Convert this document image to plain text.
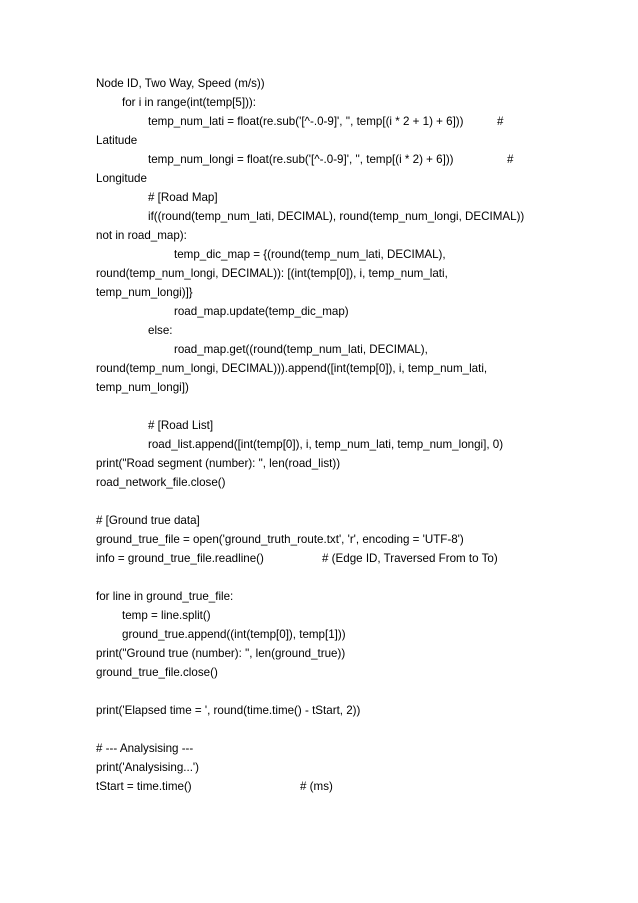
Node ID, Two Way, Speed (m/s))
for i in range(int(temp[5])):
temp_num_lati = float(re.sub('[^-.0-9]', '', temp[(i * 2 + 1) + 6]))	#
Latitude
temp_num_longi = float(re.sub('[^-.0-9]', '', temp[(i * 2) + 6]))	#
Longitude
# [Road Map]
if((round(temp_num_lati, DECIMAL), round(temp_num_longi, DECIMAL))
not in road_map):
temp_dic_map = {(round(temp_num_lati, DECIMAL),
round(temp_num_longi, DECIMAL)): [(int(temp[0]), i, temp_num_lati,
temp_num_longi)]}
road_map.update(temp_dic_map)
else:
road_map.get((round(temp_num_lati, DECIMAL),
round(temp_num_longi, DECIMAL))).append([int(temp[0]), i, temp_num_lati,
temp_num_longi])
# [Road List]
road_list.append([int(temp[0]), i, temp_num_lati, temp_num_longi], 0)
print("Road segment (number): ", len(road_list))
road_network_file.close()
# [Ground true data]
ground_true_file = open('ground_truth_route.txt', 'r', encoding = 'UTF-8')
info = ground_true_file.readline()	# (Edge ID, Traversed From to To)
for line in ground_true_file:
temp = line.split()
ground_true.append((int(temp[0]), temp[1]))
print("Ground true (number): ", len(ground_true))
ground_true_file.close()
print('Elapsed time = ', round(time.time() - tStart, 2))
# --- Analysising ---
print('Analysising...')
tStart = time.time()	# (ms)
